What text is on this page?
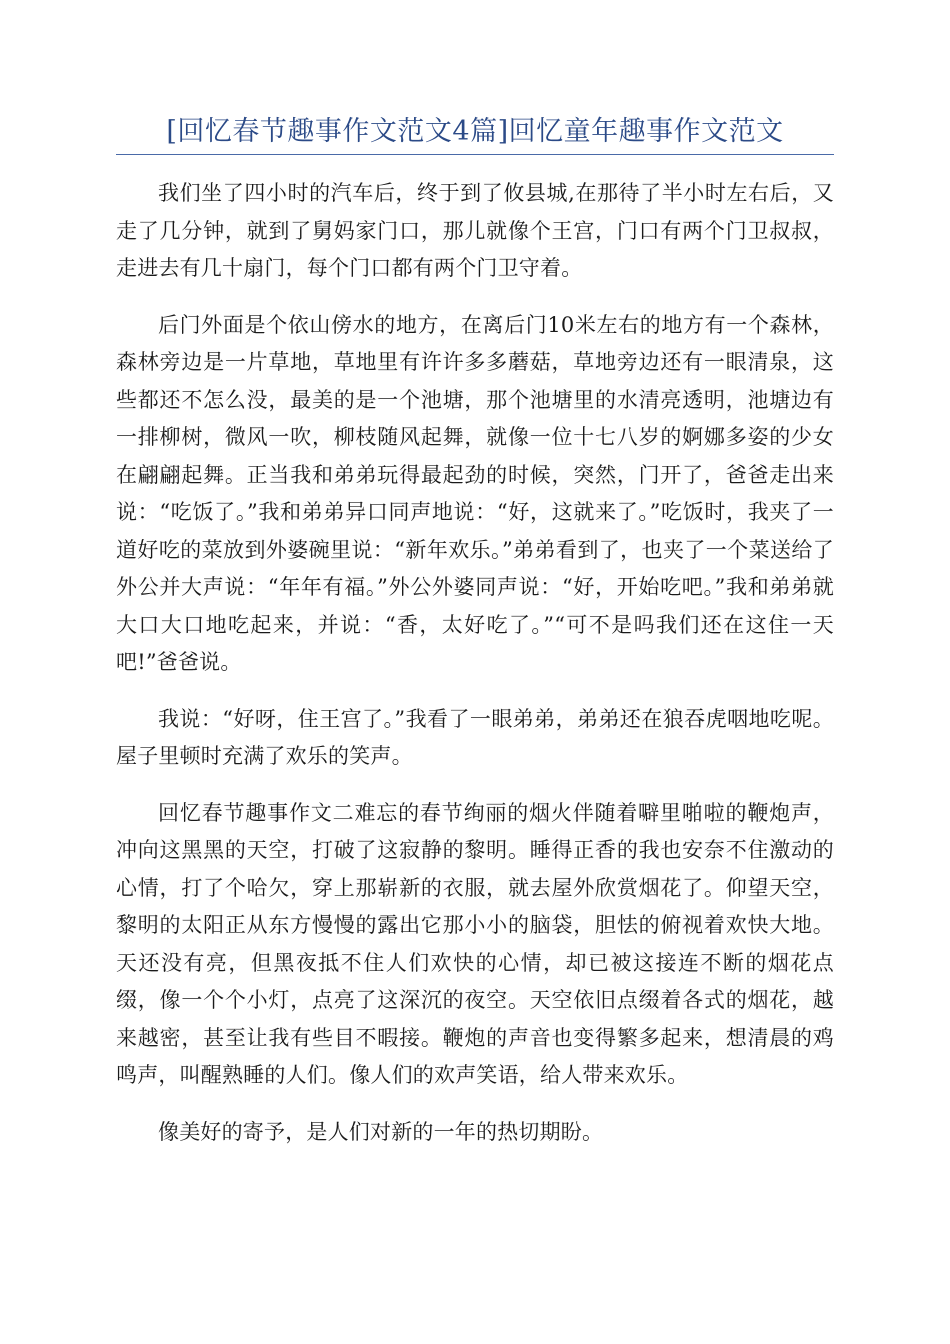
[回忆春节趣事作文范文4篇]回忆童年趣事作文范文

我们坐了四小时的汽车后，终于到了攸县城,在那待了半小时左右后，又走了几分钟，就到了舅妈家门口，那儿就像个王宫，门口有两个门卫叔叔，走进去有几十扇门，每个门口都有两个门卫守着。

后门外面是个依山傍水的地方，在离后门10米左右的地方有一个森林，森林旁边是一片草地，草地里有许许多多蘑菇，草地旁边还有一眼清泉，这些都还不怎么没，最美的是一个池塘，那个池塘里的水清亮透明，池塘边有一排柳树，微风一吹，柳枝随风起舞，就像一位十七八岁的婀娜多姿的少女在翩翩起舞。正当我和弟弟玩得最起劲的时候，突然，门开了，爸爸走出来说：“吃饭了。”我和弟弟异口同声地说：“好，这就来了。”吃饭时，我夹了一道好吃的菜放到外婆碗里说：“新年欢乐。”弟弟看到了，也夹了一个菜送给了外公并大声说：“年年有福。”外公外婆同声说：“好，开始吃吧。”我和弟弟就大口大口地吃起来，并说：“香，太好吃了。”“可不是吗我们还在这住一天吧!”爸爸说。

我说：“好呀，住王宫了。”我看了一眼弟弟，弟弟还在狼吞虎咽地吃呢。屋子里顿时充满了欢乐的笑声。

回忆春节趣事作文二难忘的春节绚丽的烟火伴随着噼里啪啦的鞭炮声，冲向这黑黑的天空，打破了这寂静的黎明。睡得正香的我也安奈不住激动的心情，打了个哈欠，穿上那崭新的衣服，就去屋外欣赏烟花了。仰望天空，黎明的太阳正从东方慢慢的露出它那小小的脑袋，胆怯的俯视着欢快大地。天还没有亮，但黑夜抵不住人们欢快的心情，却已被这接连不断的烟花点缀，像一个个小灯，点亮了这深沉的夜空。天空依旧点缀着各式的烟花，越来越密，甚至让我有些目不暇接。鞭炮的声音也变得繁多起来，想清晨的鸡鸣声，叫醒熟睡的人们。像人们的欢声笑语，给人带来欢乐。

像美好的寄予，是人们对新的一年的热切期盼。
